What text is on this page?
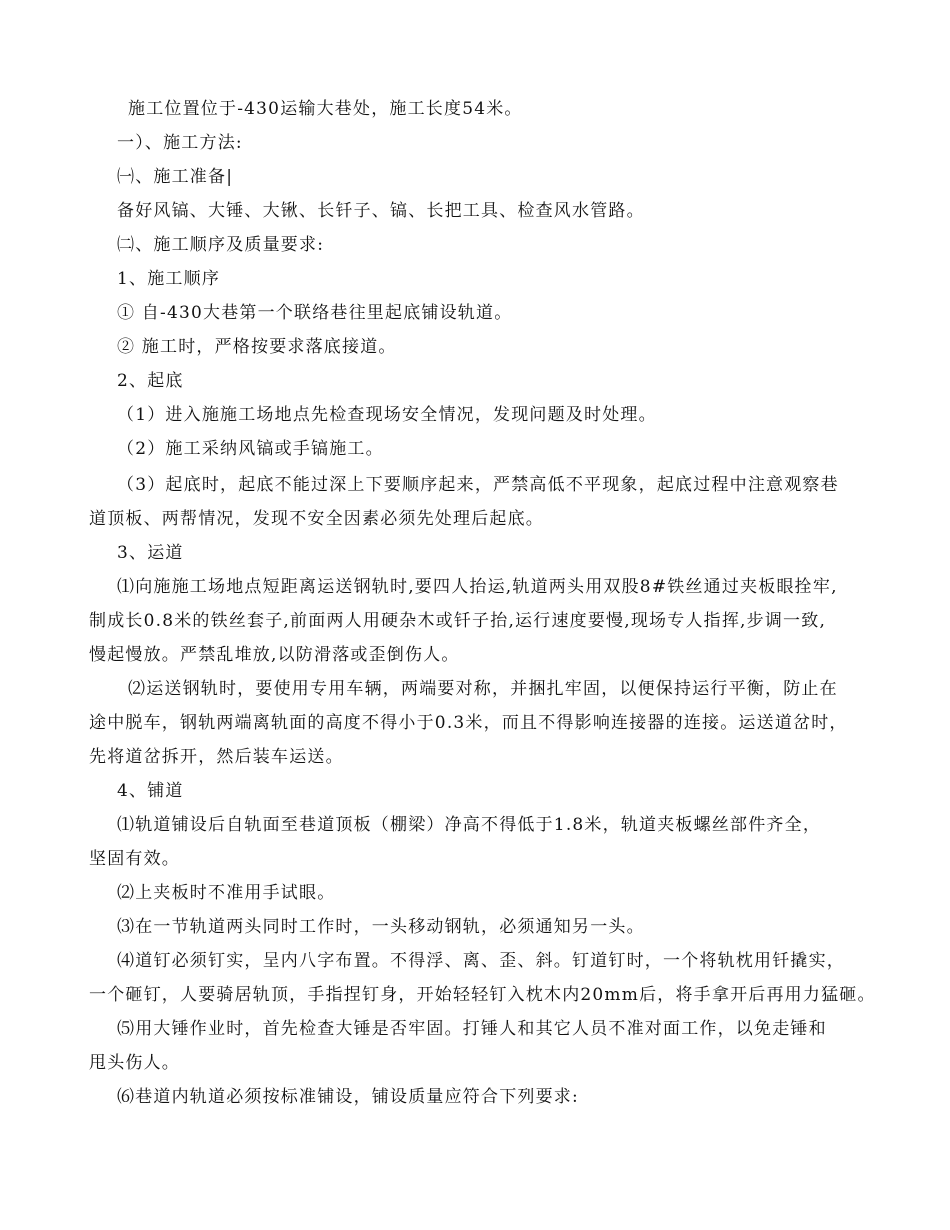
施工位置位于-430运输大巷处，施工长度54米。
一）、施工方法:
㈠、施工准备|
备好风镐、大锤、大锹、长钎子、镐、长把工具、检查风水管路。
㈡、施工顺序及质量要求:
1、施工顺序
① 自-430大巷第一个联络巷往里起底铺设轨道。
② 施工时，严格按要求落底接道。
2、起底
（1）进入施施工场地点先检查现场安全情况，发现问题及时处理。
（2）施工采纳风镐或手镐施工。
（3）起底时，起底不能过深上下要顺序起来，严禁高低不平现象，起底过程中注意观察巷
道顶板、两帮情况，发现不安全因素必须先处理后起底。
3、运道
⑴向施施工场地点短距离运送钢轨时,要四人抬运,轨道两头用双股8#铁丝通过夹板眼拴牢,
制成长0.8米的铁丝套子,前面两人用硬杂木或钎子抬,运行速度要慢,现场专人指挥,步调一致,
慢起慢放。严禁乱堆放,以防滑落或歪倒伤人。
⑵运送钢轨时，要使用专用车辆，两端要对称，并捆扎牢固，以便保持运行平衡，防止在
途中脱车，钢轨两端离轨面的高度不得小于0.3米，而且不得影响连接器的连接。运送道岔时，
先将道岔拆开，然后装车运送。
4、铺道
⑴轨道铺设后自轨面至巷道顶板（棚梁）净高不得低于1.8米，轨道夹板螺丝部件齐全，
坚固有效。
⑵上夹板时不准用手试眼。
⑶在一节轨道两头同时工作时，一头移动钢轨，必须通知另一头。
⑷道钉必须钉实，呈内八字布置。不得浮、离、歪、斜。钉道钉时，一个将轨枕用钎撬实，
一个砸钉，人要骑居轨顶，手指捏钉身，开始轻轻钉入枕木内20mm后，将手拿开后再用力猛砸。
⑸用大锤作业时，首先检查大锤是否牢固。打锤人和其它人员不准对面工作，以免走锤和
甩头伤人。
⑹巷道内轨道必须按标准铺设，铺设质量应符合下列要求:
